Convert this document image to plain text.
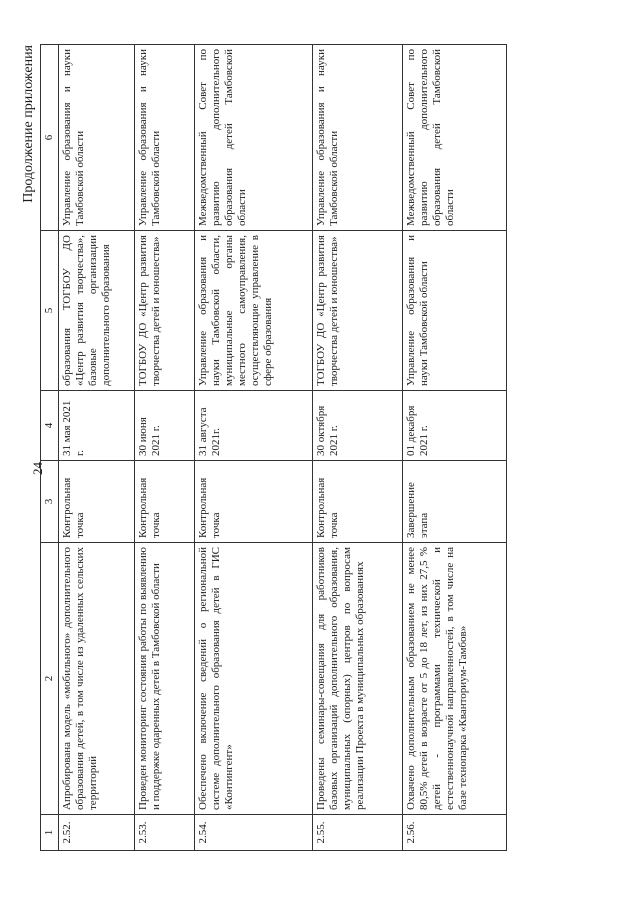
Продолжение приложения
24
1	2	3	4	5	6
2.52.	Апробирована модель «мобильного» дополнительного образования детей, в том числе из удаленных сельских территорий	Контрольная точка	31 мая 2021 г.	образования ТОГБОУ ДО «Центр развития творчества», базовые организации дополнительного образования	Управление образования и науки Тамбовской области
2.53.	Проведен мониторинг состояния работы по выявлению и поддержке одаренных детей в Тамбовской области	Контрольная точка	30 июня 2021 г.	ТОГБОУ ДО «Центр развития творчества детей и юношества»	Управление образования и науки Тамбовской области
2.54.	Обеспечено включение сведений о региональной системе дополнительного образования детей в ГИС «Контингент»	Контрольная точка	31 августа 2021г.	Управление образования и науки Тамбовской области, муниципальные органы местного самоуправления, осуществляющие управление в сфере образования	Межведомственный Совет по развитию дополнительного образования детей Тамбовской области
2.55.	Проведены семинары-совещания для работников базовых организаций дополнительного образования, муниципальных (опорных) центров по вопросам реализации Проекта в муниципальных образованиях	Контрольная точка	30 октября 2021 г.	ТОГБОУ ДО «Центр развития творчества детей и юношества»	Управление образования и науки Тамбовской области
2.56.	Охвачено дополнительным образованием не менее 80,5% детей в возрасте от 5 до 18 лет, из них 27,5 % детей - программами технической и естественнонаучной направленностей, в том числе на базе технопарка «Кванториум-Тамбов»	Завершение этапа	01 декабря 2021 г.	Управление образования и науки Тамбовской области	Межведомственный Совет по развитию дополнительного образования детей Тамбовской области
